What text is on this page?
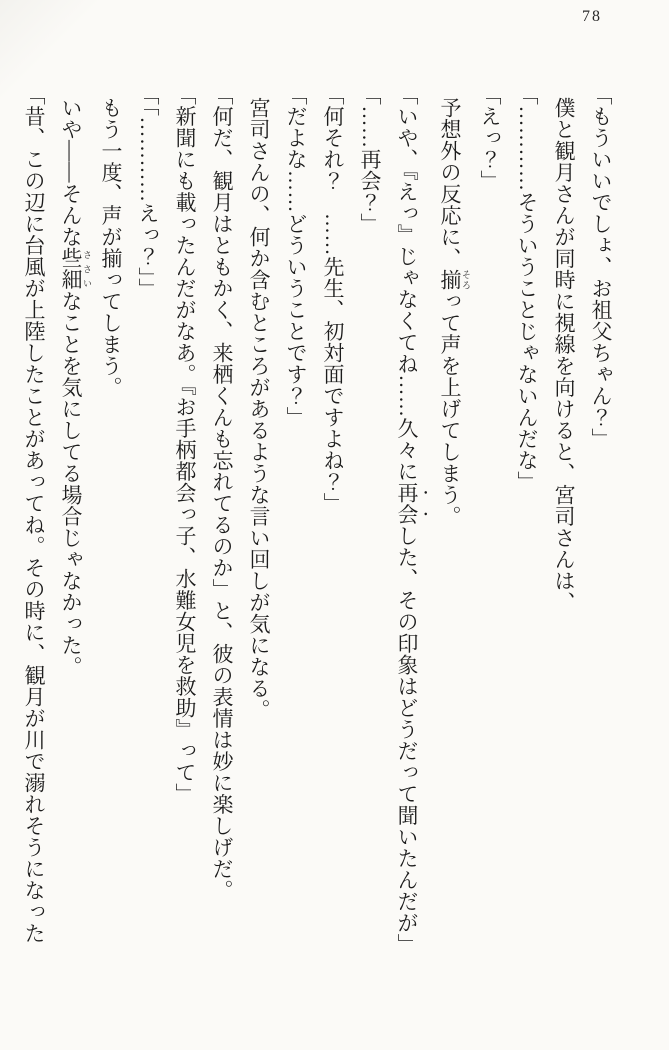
78

「もういいでしょ、お祖父ちゃん？」

僕と観月さんが同時に視線を向けると、宮司さんは、

「…………そういうことじゃないんだな」

「えっ？」

予想外の反応に、揃 そろって声を上げてしまう。

「いや、『えっ』じゃなくてね……久々に再会した、その印象はどうだって聞いたんだが」

「……再会？」

「何それ？　……先生、初対面ですよね？」

「だよな……どういうことです？」

宮司さんの、何か含むところがあるような言い回しが気になる。

「何だ、観月はともかく、来栖くんも忘れてるのか」と、彼の表情は妙に楽しげだ。

「新聞にも載ったんだがなあ。『お手柄都会っ子、水難女児を救助』って」

「「…………えっ？」」

もう一度、声が揃ってしまう。

いや――そんな些細 ささいなことを気にしてる場合じゃなかった。

「昔、この辺に台風が上陸したことがあってね。その時に、観月が川で溺れそうになった
